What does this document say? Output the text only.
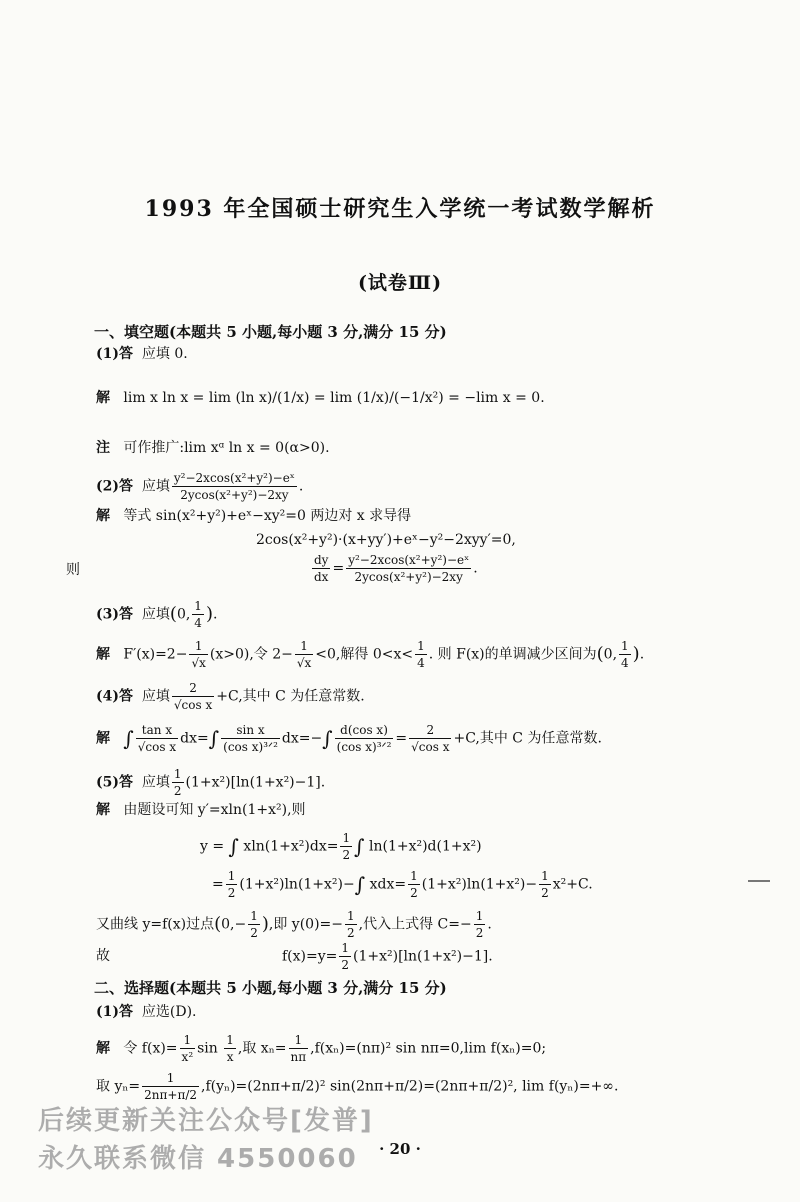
1993 年全国硕士研究生入学统一考试数学解析
(试卷Ⅲ)
一、填空题(本题共 5 小题,每小题 3 分,满分 15 分)
(1)答 应填 0.
解 lim x ln x = lim (ln x)/(1/x) = lim (1/x)/(−1/x²) = −lim x = 0.
注 可作推广:lim xᵅ ln x = 0(α>0).
(2)答 应填 $\frac{\text{y²−2xcos(x²+y²)−eˣ}}{\text{2ycos(x²+y²)−2xy}}$ .
解 等式 sin(x²+y²)+eˣ−xy²=0 两边对 x 求导得
2cos(x²+y²)·(x+yy′)+eˣ−y²−2xyy′=0,
则	$\frac{dy}{dx} = \frac{\text{y²−2xcos(x²+y²)−eˣ}}{\text{2ycos(x²+y²)−2xy}}$ .
(3)答 应填(0, $\frac{1}{4}$ ).
解 $F'(x)=2- \frac{1}{√x} (x>0)$,令 $2- \frac{1}{√x} <0$,解得 $0<x< \frac{1}{4}$ . 则 F(x)的单调减少区间为(0, $\frac{1}{4}$ ).
(4)答 应填 $\frac{2}{\text{√cos x}} +C$,其中 C 为任意常数.
解 ∫ $\frac{\text{tan x}}{\text{√cos x}} dx=\int \frac{\text{sin x}}{\text{(cos x)³ᐟ²}} dx=-\int \frac{\text{d(cos x)}}{\text{(cos x)³ᐟ²}} = \frac{2}{\text{√cos x}} +C$,其中 C 为任意常数.
(5)答 应填 $\frac{1}{2} (1+x^2)[\ln(1+x^2)-1]$.
解 由题设可知 y′=xln(1+x²),则
y = ∫ $xln(1+x^2)dx= \frac{1}{2}$ ∫ ln(1+x²)d(1+x²)
= $\frac{1}{2} (1+x^2)\ln(1+x^2)-\int$ $xdx= \frac{1}{2} (1+x^2)\ln(1+x^2)- \frac{1}{2} x^2+C$.
又曲线 y=f(x)过点($0,- \frac{1}{2}$ ),即 $y(0)=- \frac{1}{2}$ ,代入上式得 $C=- \frac{1}{2}$ .
故	$f(x)=y= \frac{1}{2} (1+x^2)[\ln(1+x^2)-1]$.
二、选择题(本题共 5 小题,每小题 3 分,满分 15 分)
(1)答 应选(D).
解 令 $f(x)= \frac{1}{\text{x²}}$ $\sin \frac{1}{x}$ ,取 $x_n= \frac{1}{n\pi} ,f(x_n)=(n\pi)^2$ sin nπ=0,lim f(xₙ)=0;
取 $y_n= \frac{1}{2n\pi+\pi/2} ,f(y_n)=(2n\pi+\pi/2)^2$ sin(2nπ+π/2)=(2nπ+π/2)², lim f(yₙ)=+∞.
后续更新关注公众号[发普]
· 20 ·
永久联系微信 4550060
